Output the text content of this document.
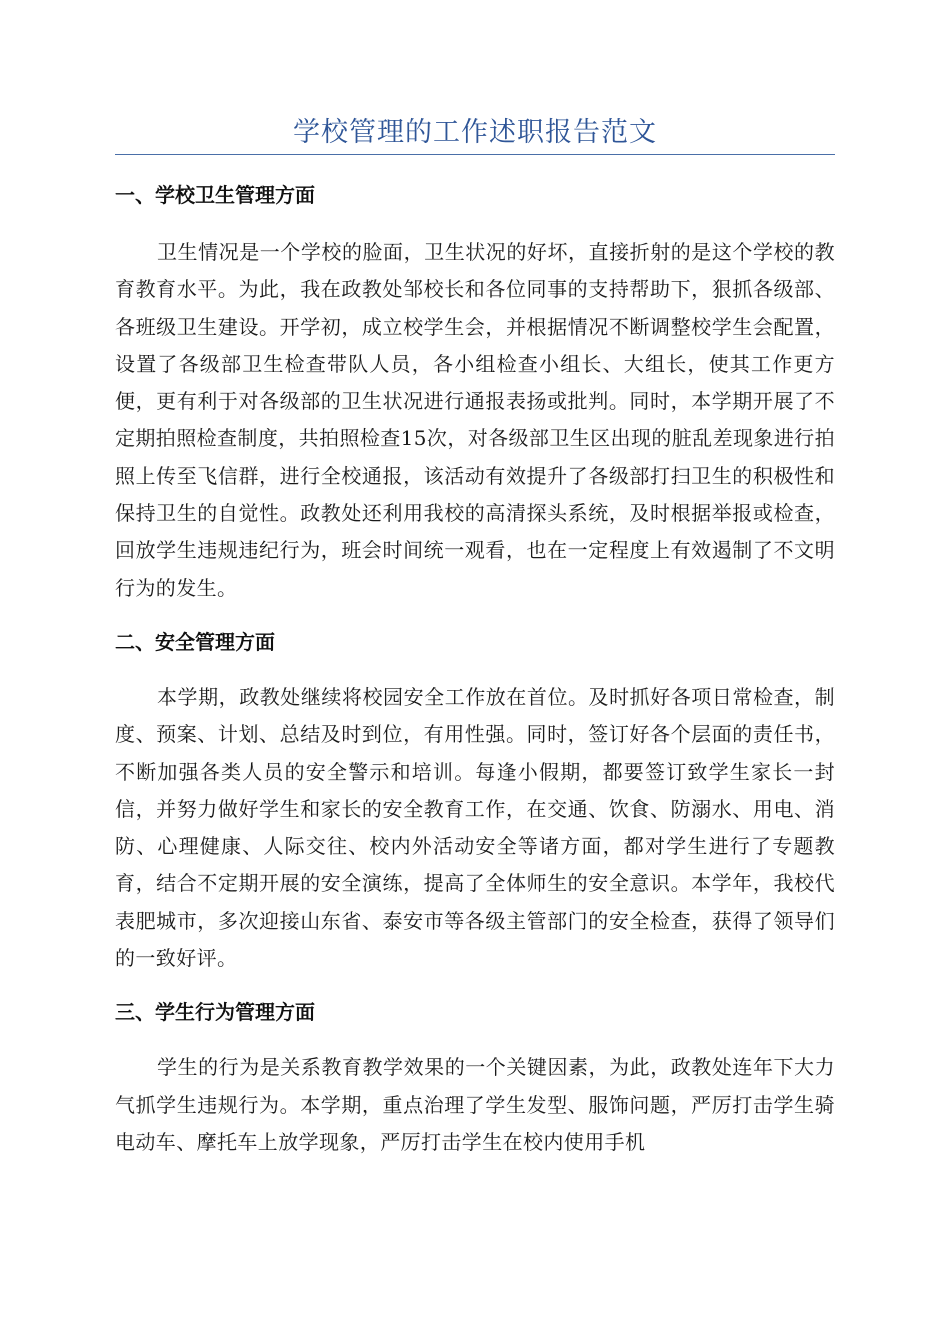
学校管理的工作述职报告范文
一、学校卫生管理方面

卫生情况是一个学校的脸面，卫生状况的好坏，直接折射的是这个学校的教育教育水平。为此，我在政教处邹校长和各位同事的支持帮助下，狠抓各级部、各班级卫生建设。开学初，成立校学生会，并根据情况不断调整校学生会配置，设置了各级部卫生检查带队人员，各小组检查小组长、大组长，使其工作更方便，更有利于对各级部的卫生状况进行通报表扬或批判。同时，本学期开展了不定期拍照检查制度，共拍照检查15次，对各级部卫生区出现的脏乱差现象进行拍照上传至飞信群，进行全校通报，该活动有效提升了各级部打扫卫生的积极性和保持卫生的自觉性。政教处还利用我校的高清探头系统，及时根据举报或检查，回放学生违规违纪行为，班会时间统一观看，也在一定程度上有效遏制了不文明行为的发生。

二、安全管理方面

本学期，政教处继续将校园安全工作放在首位。及时抓好各项日常检查，制度、预案、计划、总结及时到位，有用性强。同时，签订好各个层面的责任书，不断加强各类人员的安全警示和培训。每逢小假期，都要签订致学生家长一封信，并努力做好学生和家长的安全教育工作，在交通、饮食、防溺水、用电、消防、心理健康、人际交往、校内外活动安全等诸方面，都对学生进行了专题教育，结合不定期开展的安全演练，提高了全体师生的安全意识。本学年，我校代表肥城市，多次迎接山东省、泰安市等各级主管部门的安全检查，获得了领导们的一致好评。

三、学生行为管理方面

学生的行为是关系教育教学效果的一个关键因素，为此，政教处连年下大力气抓学生违规行为。本学期，重点治理了学生发型、服饰问题，严厉打击学生骑电动车、摩托车上放学现象，严厉打击学生在校内使用手机
